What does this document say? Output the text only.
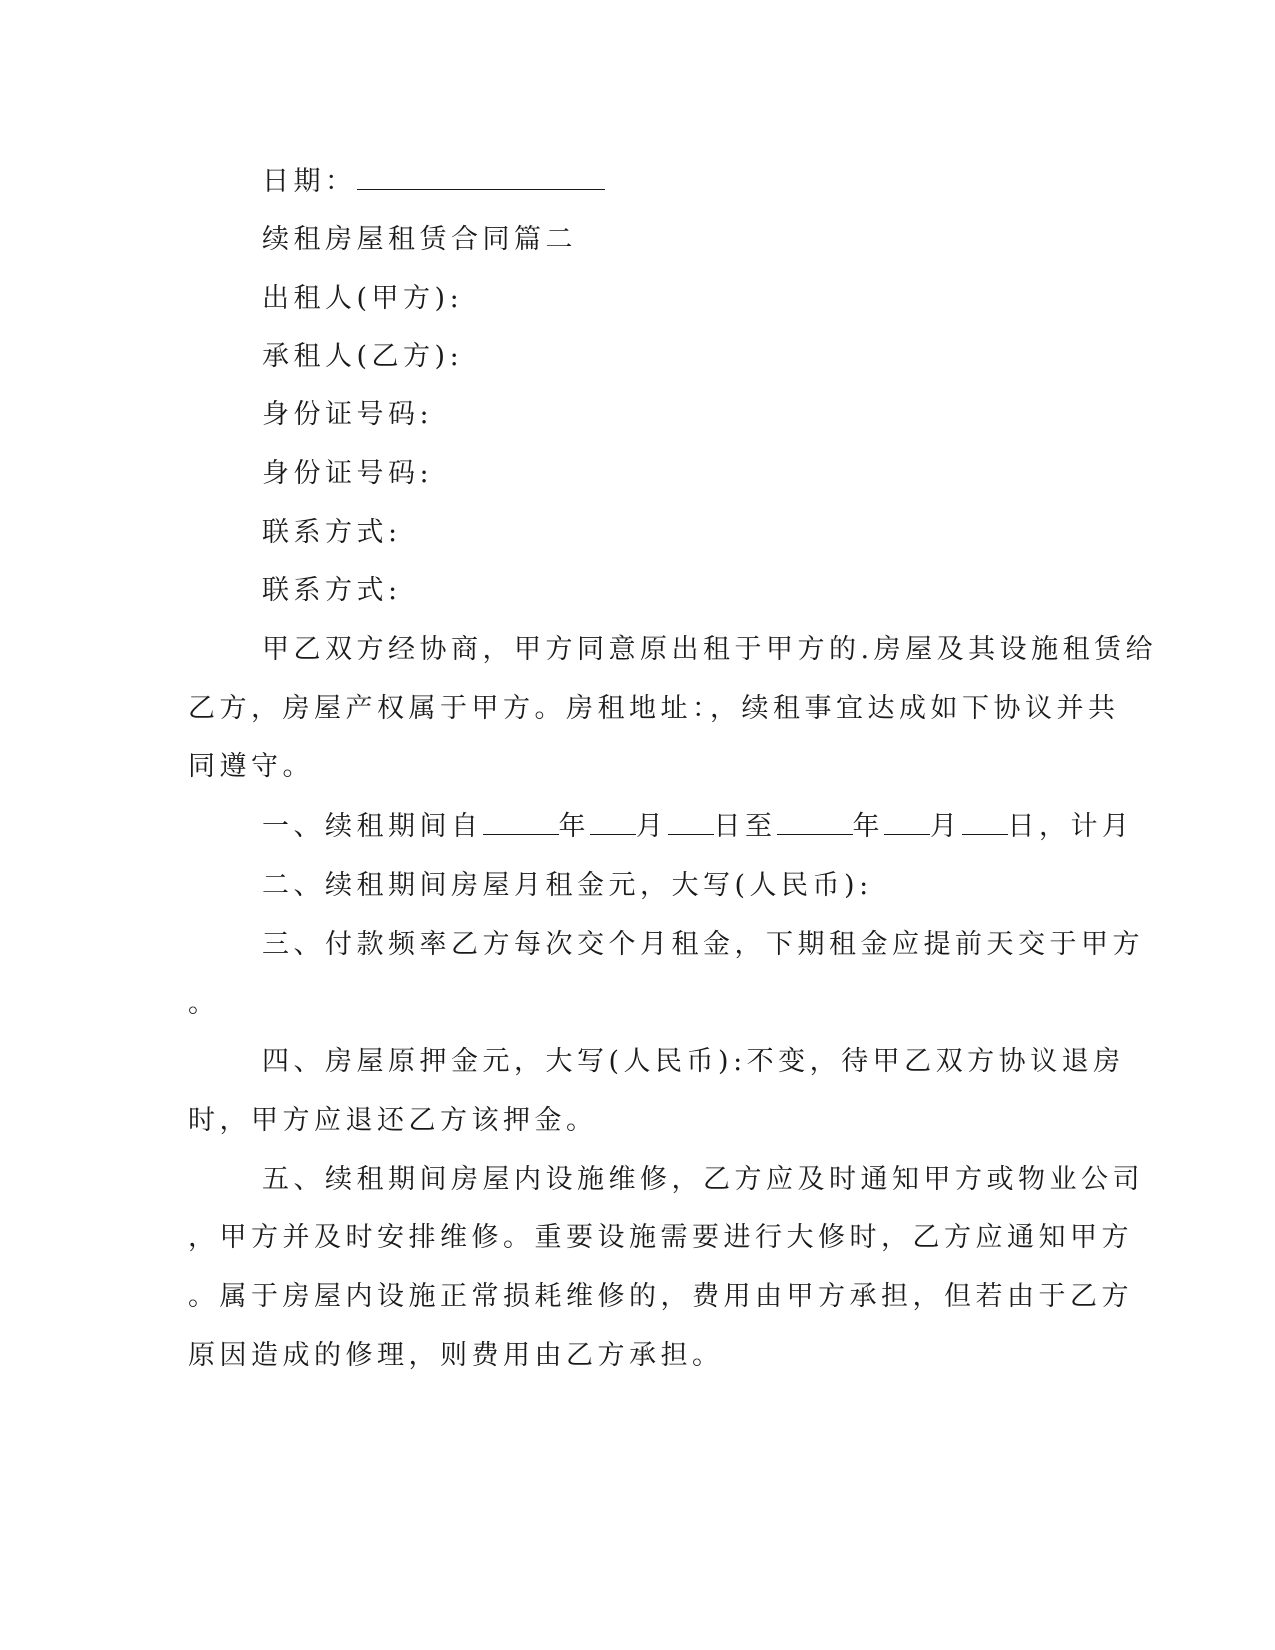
日期：
续租房屋租赁合同篇二
出租人(甲方):
承租人(乙方):
身份证号码:
身份证号码:
联系方式:
联系方式:
甲乙双方经协商，甲方同意原出租于甲方的.房屋及其设施租赁给
乙方，房屋产权属于甲方。房租地址：，续租事宜达成如下协议并共
同遵守。
一、续租期间自	年 月 日至	年 月 日，计月
二、续租期间房屋月租金元，大写(人民币):
三、付款频率乙方每次交个月租金，下期租金应提前天交于甲方
。
四、房屋原押金元，大写(人民币):不变，待甲乙双方协议退房
时，甲方应退还乙方该押金。
五、续租期间房屋内设施维修，乙方应及时通知甲方或物业公司
，甲方并及时安排维修。重要设施需要进行大修时，乙方应通知甲方
。属于房屋内设施正常损耗维修的，费用由甲方承担，但若由于乙方
原因造成的修理，则费用由乙方承担。
